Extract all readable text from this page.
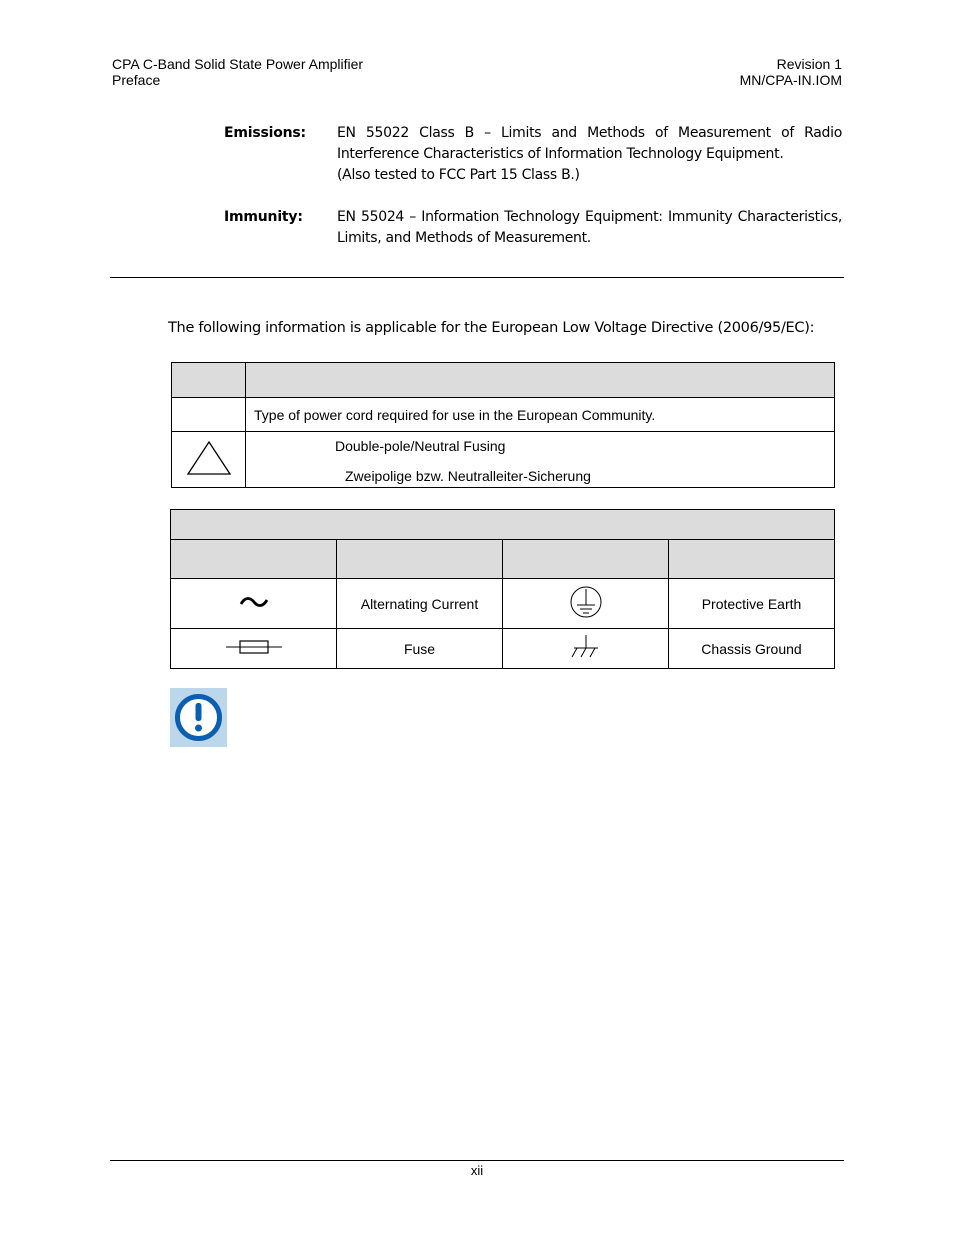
CPA C-Band Solid State Power Amplifier
Preface
Revision 1
MN/CPA-IN.IOM
Emissions: EN 55022 Class B – Limits and Methods of Measurement of Radio
Interference Characteristics of Information Technology Equipment.
(Also tested to FCC Part 15 Class B.)
Immunity: EN 55024 – Information Technology Equipment: Immunity Characteristics,
Limits, and Methods of Measurement.
The following information is applicable for the European Low Voltage Directive (2006/95/EC):

	Type of power cord required for use in the European Community.

Double-pole/Neutral Fusing
Zweipolige bzw. Neutralleiter-Sicherung

	Alternating Current		Protective Earth
	Fuse		Chassis Ground
xii
